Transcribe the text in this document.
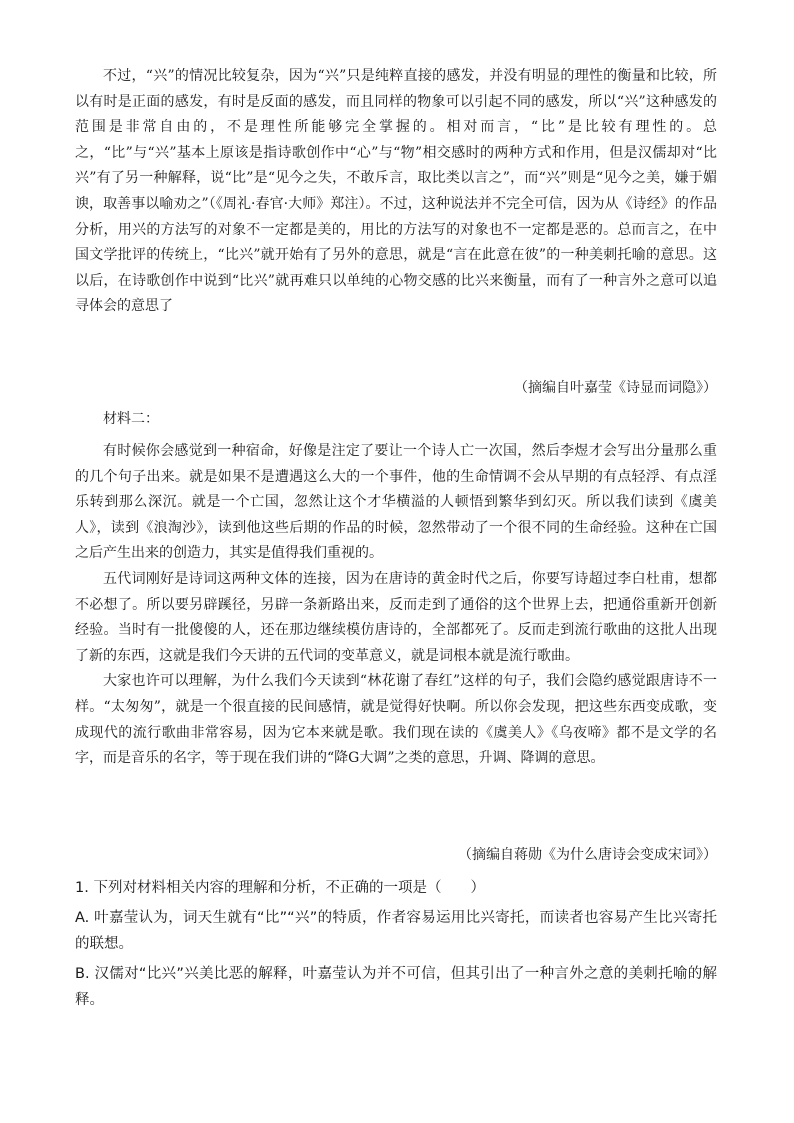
不过，“兴”的情况比较复杂，因为“兴”只是纯粹直接的感发，并没有明显的理性的衡量和比较，所以有时是正面的感发，有时是反面的感发，而且同样的物象可以引起不同的感发，所以“兴”这种感发的范围是非常自由的，不是理性所能够完全掌握的。相对而言，“比”是比较有理性的。总之，“比”与“兴”基本上原该是指诗歌创作中“心”与“物”相交感时的两种方式和作用，但是汉儒却对“比兴”有了另一种解释，说“比”是“见今之失，不敢斥言，取比类以言之”，而“兴”则是“见今之美，嫌于媚谀，取善事以喻劝之”（《周礼·春官·大师》郑注）。不过，这种说法并不完全可信，因为从《诗经》的作品分析，用兴的方法写的对象不一定都是美的，用比的方法写的对象也不一定都是恶的。总而言之，在中国文学批评的传统上，“比兴”就开始有了另外的意思，就是“言在此意在彼”的一种美刺托喻的意思。这以后，在诗歌创作中说到“比兴”就再难只以单纯的心物交感的比兴来衡量，而有了一种言外之意可以追寻体会的意思了

（摘编自叶嘉莹《诗显而词隐》）

材料二：

有时候你会感觉到一种宿命，好像是注定了要让一个诗人亡一次国，然后李煜才会写出分量那么重的几个句子出来。就是如果不是遭遇这么大的一个事件，他的生命情调不会从早期的有点轻浮、有点淫乐转到那么深沉。就是一个亡国，忽然让这个才华横溢的人顿悟到繁华到幻灭。所以我们读到《虞美人》，读到《浪淘沙》，读到他这些后期的作品的时候，忽然带动了一个很不同的生命经验。这种在亡国之后产生出来的创造力，其实是值得我们重视的。

五代词刚好是诗词这两种文体的连接，因为在唐诗的黄金时代之后，你要写诗超过李白杜甫，想都不必想了。所以要另辟蹊径，另辟一条新路出来，反而走到了通俗的这个世界上去，把通俗重新开创新经验。当时有一批傻傻的人，还在那边继续模仿唐诗的，全部都死了。反而走到流行歌曲的这批人出现了新的东西，这就是我们今天讲的五代词的变革意义，就是词根本就是流行歌曲。

大家也许可以理解，为什么我们今天读到“林花谢了春红”这样的句子，我们会隐约感觉跟唐诗不一样。“太匆匆”，就是一个很直接的民间感情，就是觉得好快啊。所以你会发现，把这些东西变成歌，变成现代的流行歌曲非常容易，因为它本来就是歌。我们现在读的《虞美人》《乌夜啼》都不是文学的名字，而是音乐的名字，等于现在我们讲的“降G大调”之类的意思，升调、降调的意思。

（摘编自蒋勋《为什么唐诗会变成宋词》）

1. 下列对材料相关内容的理解和分析，不正确的一项是（　　）

A. 叶嘉莹认为，词天生就有“比”“兴”的特质，作者容易运用比兴寄托，而读者也容易产生比兴寄托的联想。

B. 汉儒对“比兴”兴美比恶的解释，叶嘉莹认为并不可信，但其引出了一种言外之意的美刺托喻的解释。
